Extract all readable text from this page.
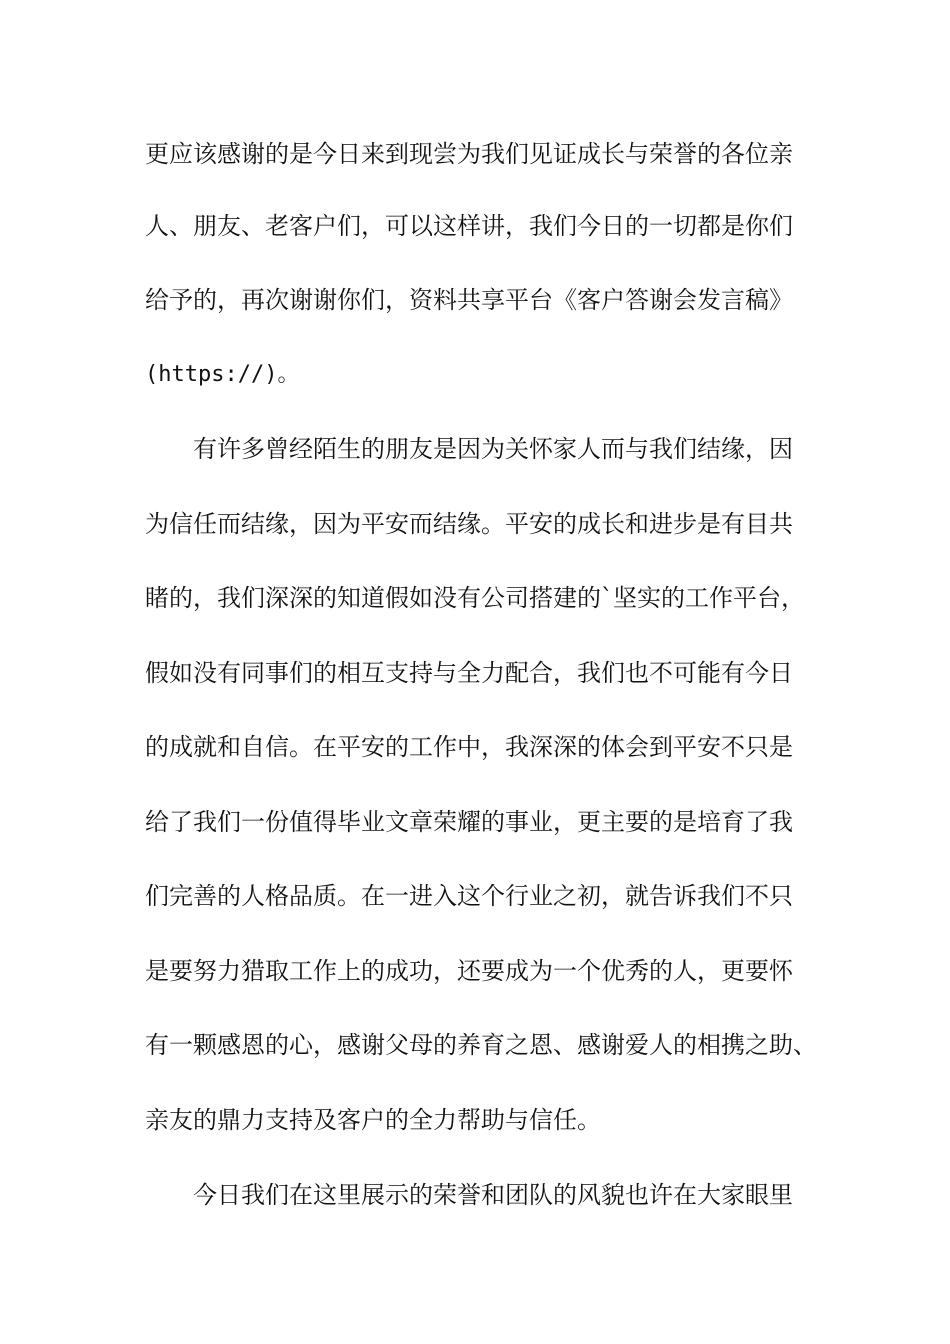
更应该感谢的是今日来到现尝为我们见证成长与荣誉的各位亲
人、朋友、老客户们，可以这样讲，我们今日的一切都是你们
给予的，再次谢谢你们，资料共享平台《客户答谢会发言稿》
(https://)。
有许多曾经陌生的朋友是因为关怀家人而与我们结缘，因
为信任而结缘，因为平安而结缘。平安的成长和进步是有目共
睹的，我们深深的知道假如没有公司搭建的`坚实的工作平台，
假如没有同事们的相互支持与全力配合，我们也不可能有今日
的成就和自信。在平安的工作中，我深深的体会到平安不只是
给了我们一份值得毕业文章荣耀的事业，更主要的是培育了我
们完善的人格品质。在一进入这个行业之初，就告诉我们不只
是要努力猎取工作上的成功，还要成为一个优秀的人，更要怀
有一颗感恩的心，感谢父母的养育之恩、感谢爱人的相携之助、
亲友的鼎力支持及客户的全力帮助与信任。
今日我们在这里展示的荣誉和团队的风貌也许在大家眼里
